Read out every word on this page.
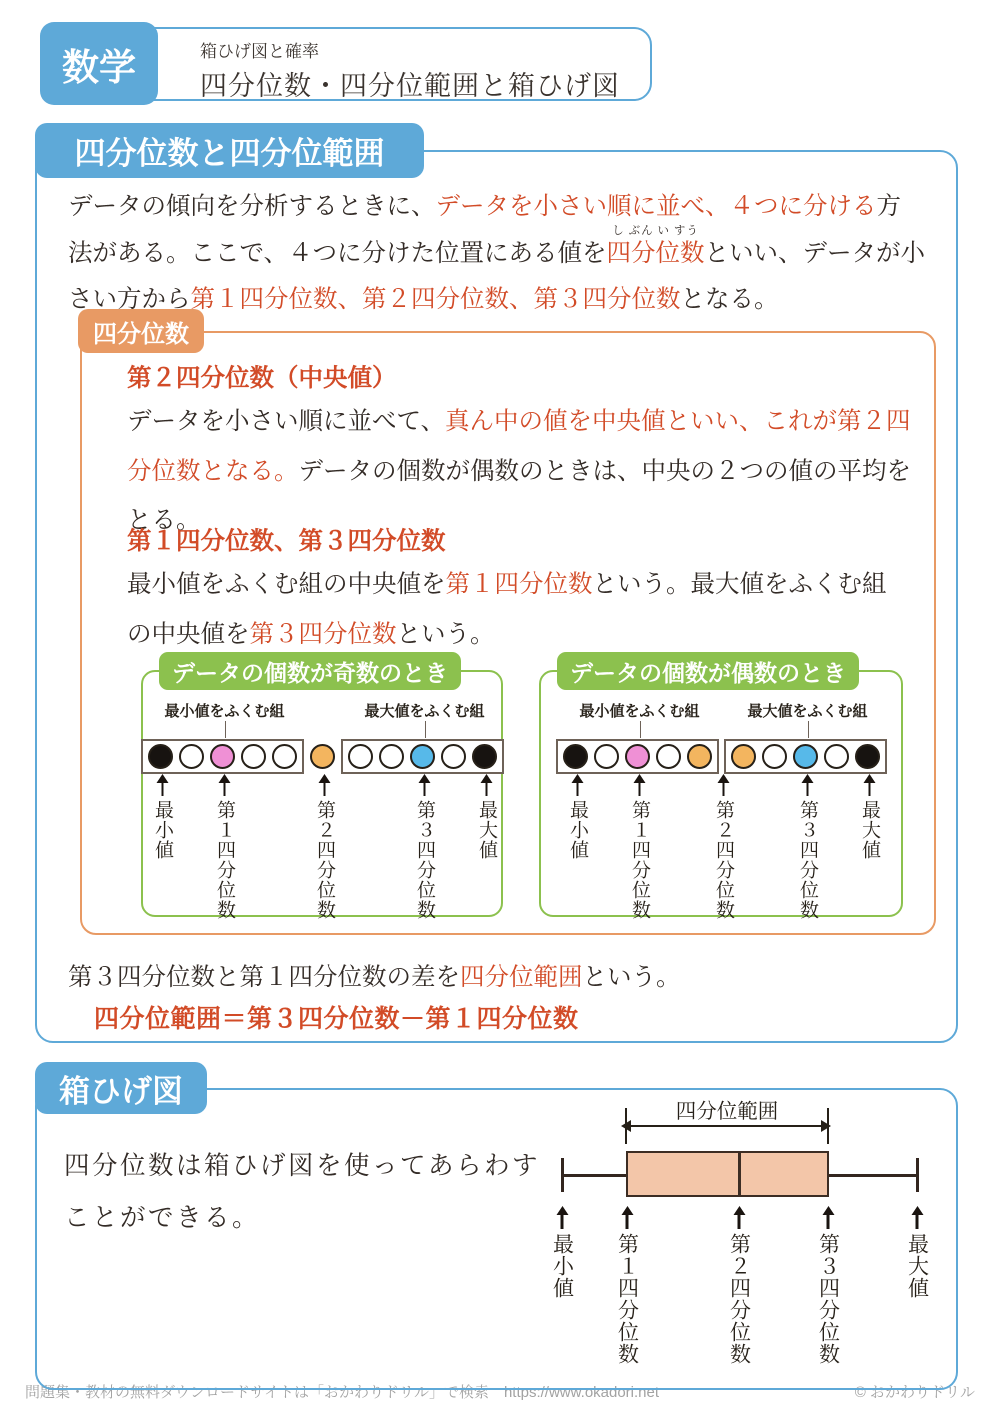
数学	箱ひげ図と確率
四分位数・四分位範囲と箱ひげ図
四分位数と四分位範囲
データの傾向を分析するときに、データを小さい順に並べ、４つに分ける方
法がある。ここで、４つに分けた位置にある値を
し ぶん い すう
四分位数といい、データが小
さい方から第１四分位数、第２四分位数、第３四分位数となる。
四分位数
第２四分位数（中央値）
データを小さい順に並べて、真ん中の値を中央値といい、これが第２四
分位数となる。データの個数が偶数のときは、中央の２つの値の平均を
とる。
第１四分位数、第３四分位数
最小値をふくむ組の中央値を第１四分位数という。最大値をふくむ組
の中央値を第３四分位数という。
データの個数が奇数のとき
最小値をふくむ組	最大値をふくむ組
最小値 第１四分位数	第２四分位数	第３四分位数 最大値
データの個数が偶数のとき
最小値をふくむ組	最大値をふくむ組
最小値 第１四分位数	第２四分位数	第３四分位数 最大値
第３四分位数と第１四分位数の差を四分位範囲という。

四分位範囲＝第３四分位数－第１四分位数

箱ひげ図
四分位数は箱ひげ図を使ってあらわす
ことができる。
四分位範囲
最小値 第１四分位数	第２四分位数	第３四分位数	最大値
問題集・教材の無料ダウンロードサイトは「おかわりドリル」で検索　https://www.okadori.net	© おかわりドリル
